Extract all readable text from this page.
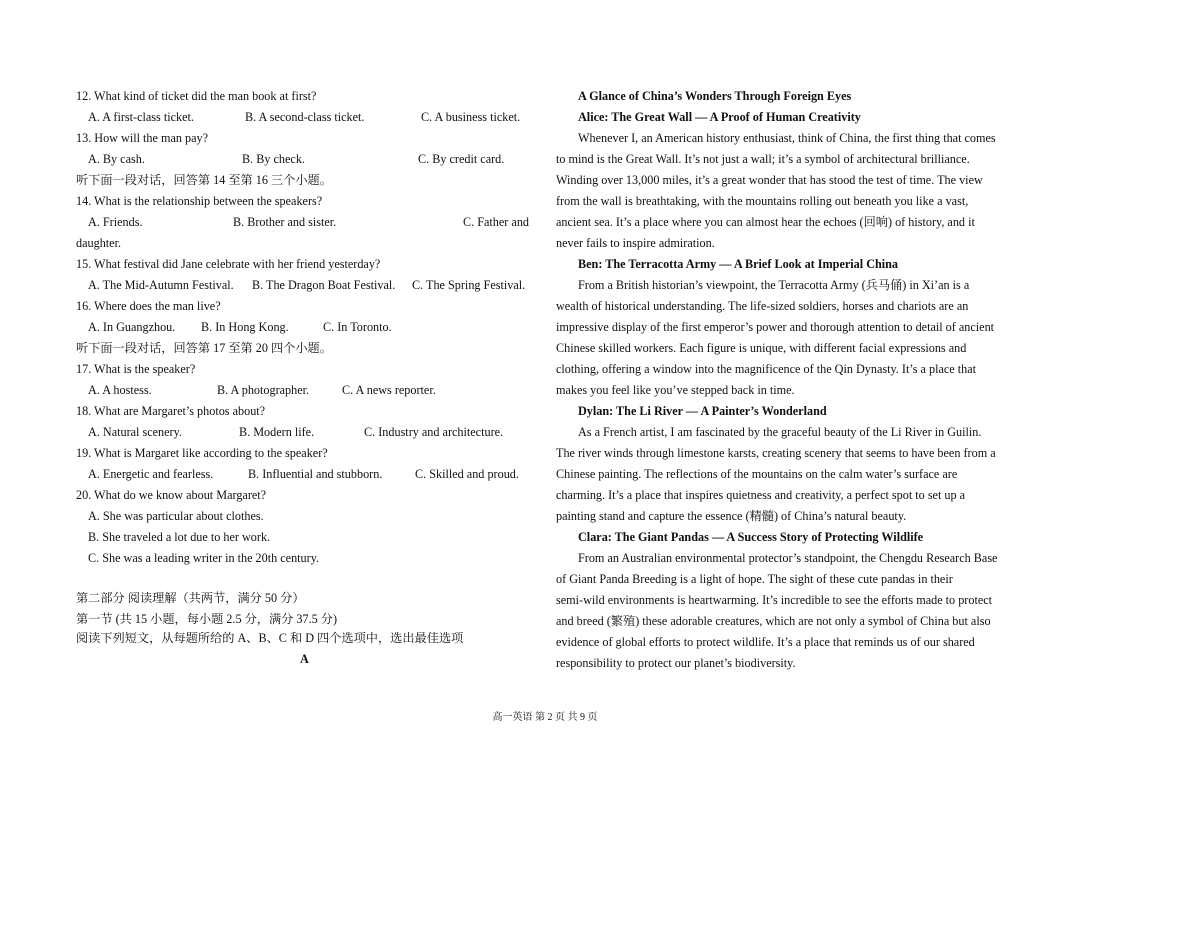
12. What kind of ticket did the man book at first?
A. A first-class ticket.	B. A second-class ticket.	C. A business ticket.
13. How will the man pay?
A. By cash.	B. By check.	C. By credit card.
听下面一段对话，回答第 14 至第 16 三个小题。
14. What is the relationship between the speakers?
A. Friends.	B. Brother and sister.	C. Father and
daughter.
15. What festival did Jane celebrate with her friend yesterday?
A. The Mid-Autumn Festival. B. The Dragon Boat Festival. C. The Spring Festival.
16. Where does the man live?
A. In Guangzhou. B. In Hong Kong.	C. In Toronto.
听下面一段对话，回答第 17 至第 20 四个小题。
17. What is the speaker?
A. A hostess.	B. A photographer.	C. A news reporter.
18. What are Margaret’s photos about?
A. Natural scenery.	B. Modern life.	C. Industry and architecture.
19. What is Margaret like according to the speaker?
A. Energetic and fearless.	B. Influential and stubborn.	C. Skilled and proud.
20. What do we know about Margaret?
A. She was particular about clothes.
B. She traveled a lot due to her work.
C. She was a leading writer in the 20th century.
第二部分 阅读理解（共两节，满分 50 分）
第一节 (共 15 小题，每小题 2.5 分，满分 37.5 分)
阅读下列短文，从每题所给的 A、B、C 和 D 四个选项中，选出最佳选项
A
A Glance of China’s Wonders Through Foreign Eyes
Alice: The Great Wall — A Proof of Human Creativity
Whenever I, an American history enthusiast, think of China, the first thing that comes
to mind is the Great Wall. It’s not just a wall; it’s a symbol of architectural brilliance.
Winding over 13,000 miles, it’s a great wonder that has stood the test of time. The view
from the wall is breathtaking, with the mountains rolling out beneath you like a vast,
ancient sea. It’s a place where you can almost hear the echoes (回响) of history, and it
never fails to inspire admiration.
Ben: The Terracotta Army — A Brief Look at Imperial China
From a British historian’s viewpoint, the Terracotta Army (兵马俑) in Xi’an is a
wealth of historical understanding. The life-sized soldiers, horses and chariots are an
impressive display of the first emperor’s power and thorough attention to detail of ancient
Chinese skilled workers. Each figure is unique, with different facial expressions and
clothing, offering a window into the magnificence of the Qin Dynasty. It’s a place that
makes you feel like you’ve stepped back in time.
Dylan: The Li River — A Painter’s Wonderland
As a French artist, I am fascinated by the graceful beauty of the Li River in Guilin.
The river winds through limestone karsts, creating scenery that seems to have been from a
Chinese painting. The reflections of the mountains on the calm water’s surface are
charming. It’s a place that inspires quietness and creativity, a perfect spot to set up a
painting stand and capture the essence (精髓) of China’s natural beauty.
Clara: The Giant Pandas — A Success Story of Protecting Wildlife
From an Australian environmental protector’s standpoint, the Chengdu Research Base
of Giant Panda Breeding is a light of hope. The sight of these cute pandas in their
semi-wild environments is heartwarming. It’s incredible to see the efforts made to protect
and breed (繁殖) these adorable creatures, which are not only a symbol of China but also
evidence of global efforts to protect wildlife. It’s a place that reminds us of our shared
responsibility to protect our planet’s biodiversity.
高一英语 第 2 页 共 9 页
